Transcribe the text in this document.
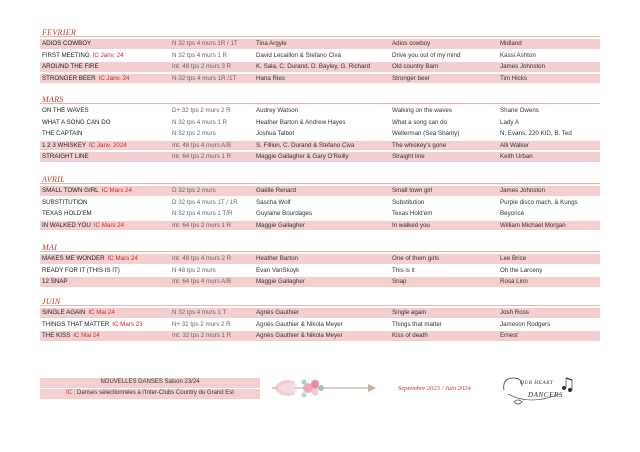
FEVRIER
ADIOS COWBOY	N 32 tps 4 murs 1R / 1T	Tina Argyle	Adios cowboy	Midland
FIRST MEETING IC Janv. 24	N 32 tps 4 murs 1 R	David Lecaillon & Stefano Civa	Drive you out of my mind	Kassi Ashton
AROUND THE FIRE	Int. 48 tps 2 murs 3 R	K. Sala, C. Durand, D. Bayley, G. Richard	Old country Barn	James Johnston
STRONGER BEER IC Janv. 24	N-32 tps 4 murs 1R /1T	Hana Ries	Stronger beer	Tim Hicks
MARS
ON THE WAVES	D+ 32 tps 2 murs 2 R	Audrey Watson	Walking on the waves	Shane Owens
WHAT A SONG CAN DO	N 32 tps 4 murs 1 R	Heather Barton & Andrew Hayes	What a song can do	Lady A
THE CAPTAIN	N 32 tps 2 murs	Joshua Talbot	Wellerman (Sea Shanty)	N. Evans, 220 KID, B. Ted
1 2 3 WHISKEY IC Janv. 2024	Int. 48 tps 4 murs A/B	S. Fillion, C. Durand & Stefano Civa	The whiskey's gone	Alli Walker
STRAIGHT LINE	Int. 64 tps 2 murs 1 R	Maggie Gallagher & Gary O'Reilly	Straight line	Keith Urban
AVRIL
SMALL TOWN GIRL IC Mars 24	D 32 tps 2 murs	Gaëlle Renard	Small town girl	James Johnston
SUBSTITUTION	D 32 tps 4 murs 1T / 1R	Sascha Wolf	Substitution	Purple disco mach. & Kungs
TEXAS HOLD'EM	N 32 tps 4 murs 1 T/R	Guylaine Bourdages	Texas Hold'em	Beyoncé
IN WALKED YOU IC Mars 24	Int. 64 tps 2 murs 1 R	Maggie Gallagher	In walked you	William Michael Morgan
MAI
MAKES ME WONDER IC Mars 24	Int. 48 tps 4 murs 2 R	Heather Barton	One of them girls	Lee Brice
READY FOR IT (THIS IS IT)	N 48 tps 2 murs	Evan VanSkoyk	This is it	Oh the Larceny
12 SNAP	Int. 64 tps 4 murs A/B	Maggie Gallagher	Snap	Rosa Linn
JUIN
SINGLE AGAIN IC Mai 24	N 32 tps 4 murs 1 T	Agnès Gauthier	Single again	Josh Ross
THINGS THAT MATTER IC Mars 23	N+ 32 tps 2 murs 2 R	Agnès Gauthier & Nikola Meyer	Things that matter	Jameson Rodgers
THE KISS IC Mai 24	Int. 32 tps 2 murs 1 R	Agnès Gauthier & Nikola Meyer	Kiss of death	Ernest
NOUVELLES DANSES Saison 23/24
IC : Danses sélectionnées à l'Inter-Clubs Country du Grand Est
Septembre 2023 / Juin 2024
OUR HEART
DANCERS
